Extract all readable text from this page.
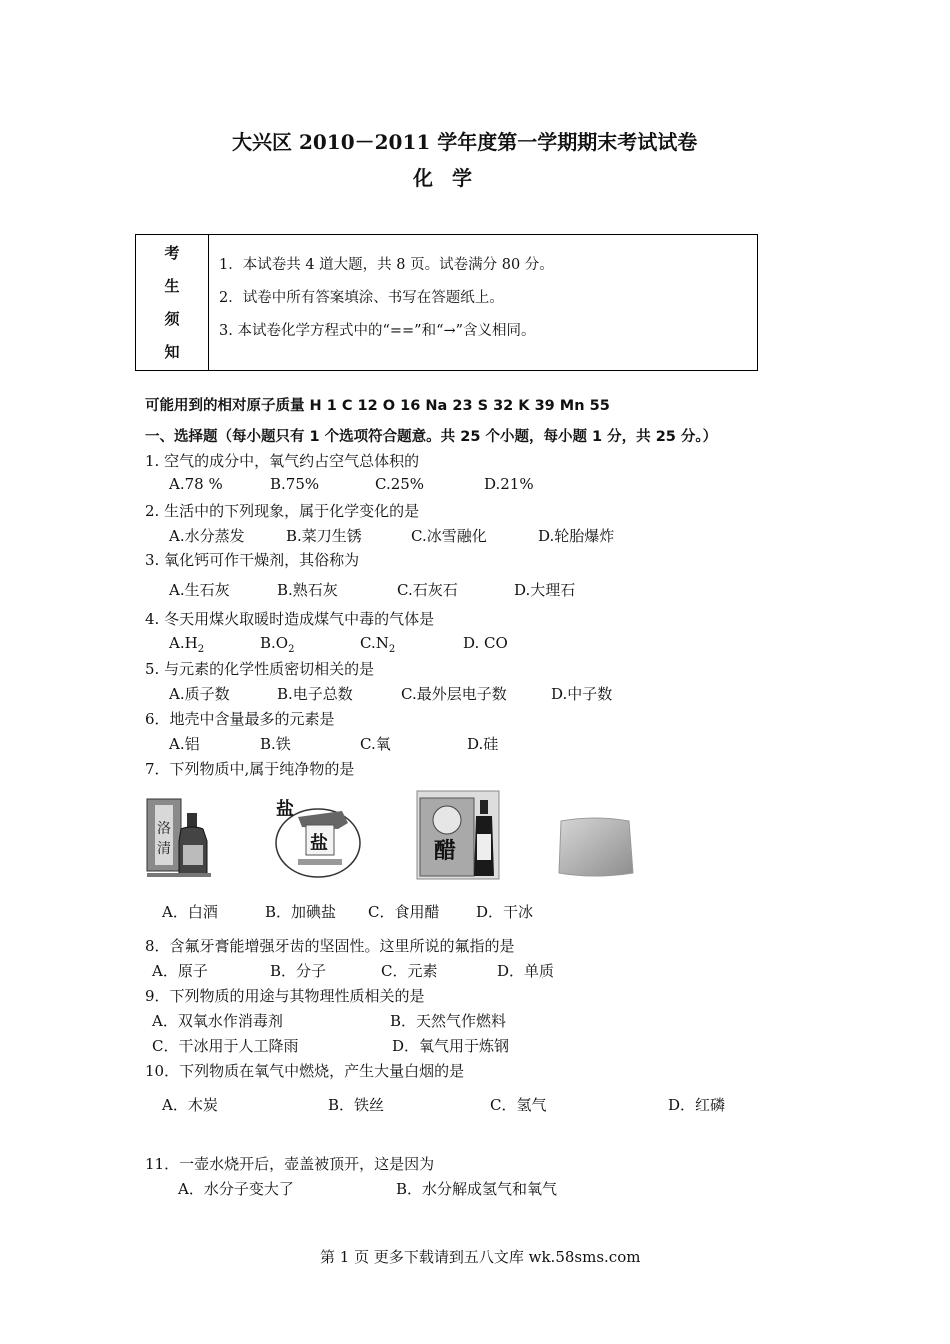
大兴区 2010－2011 学年度第一学期期末考试试卷
化 学
考
生
须
知

1．本试卷共 4 道大题，共 8 页。试卷满分 80 分。
2．试卷中所有答案填涂、书写在答题纸上。
3. 本试卷化学方程式中的“==”和“→”含义相同。
可能用到的相对原子质量 H 1 C 12 O 16 Na 23 S 32 K 39 Mn 55
一、选择题（每小题只有 1 个选项符合题意。共 25 个小题，每小题 1 分，共 25 分。）
1. 空气的成分中，氧气约占空气总体积的
A.78 %	B.75%	C.25%	D.21%
2. 生活中的下列现象，属于化学变化的是
A.水分蒸发	B.菜刀生锈	C.冰雪融化	D.轮胎爆炸
3. 氧化钙可作干燥剂，其俗称为
A.生石灰	B.熟石灰	C.石灰石	D.大理石
4. 冬天用煤火取暖时造成煤气中毒的气体是
$A.H_2$	$B.O_2$	$C.N_2$	D. CO
5. 与元素的化学性质密切相关的是
A.质子数	B.电子总数	C.最外层电子数	D.中子数
6．地壳中含量最多的元素是
A.铝	B.铁	C.氧	D.硅
7．下列物质中,属于纯净物的是
洛
清
盐
盐	醋
A．白酒	B．加碘盐 C．食用醋 D．干冰
8．含氟牙膏能增强牙齿的坚固性。这里所说的氟指的是
A．原子	B．分子	C．元素	D．单质
9．下列物质的用途与其物理性质相关的是
A．双氧水作消毒剂	B．天然气作燃料
C．干冰用于人工降雨	D．氧气用于炼钢
10．下列物质在氧气中燃烧，产生大量白烟的是
A．木炭	B．铁丝	C．氢气	D．红磷
11．一壶水烧开后，壶盖被顶开，这是因为
A．水分子变大了	B．水分解成氢气和氧气
第 1 页 更多下载请到五八文库 wk.58sms.com
